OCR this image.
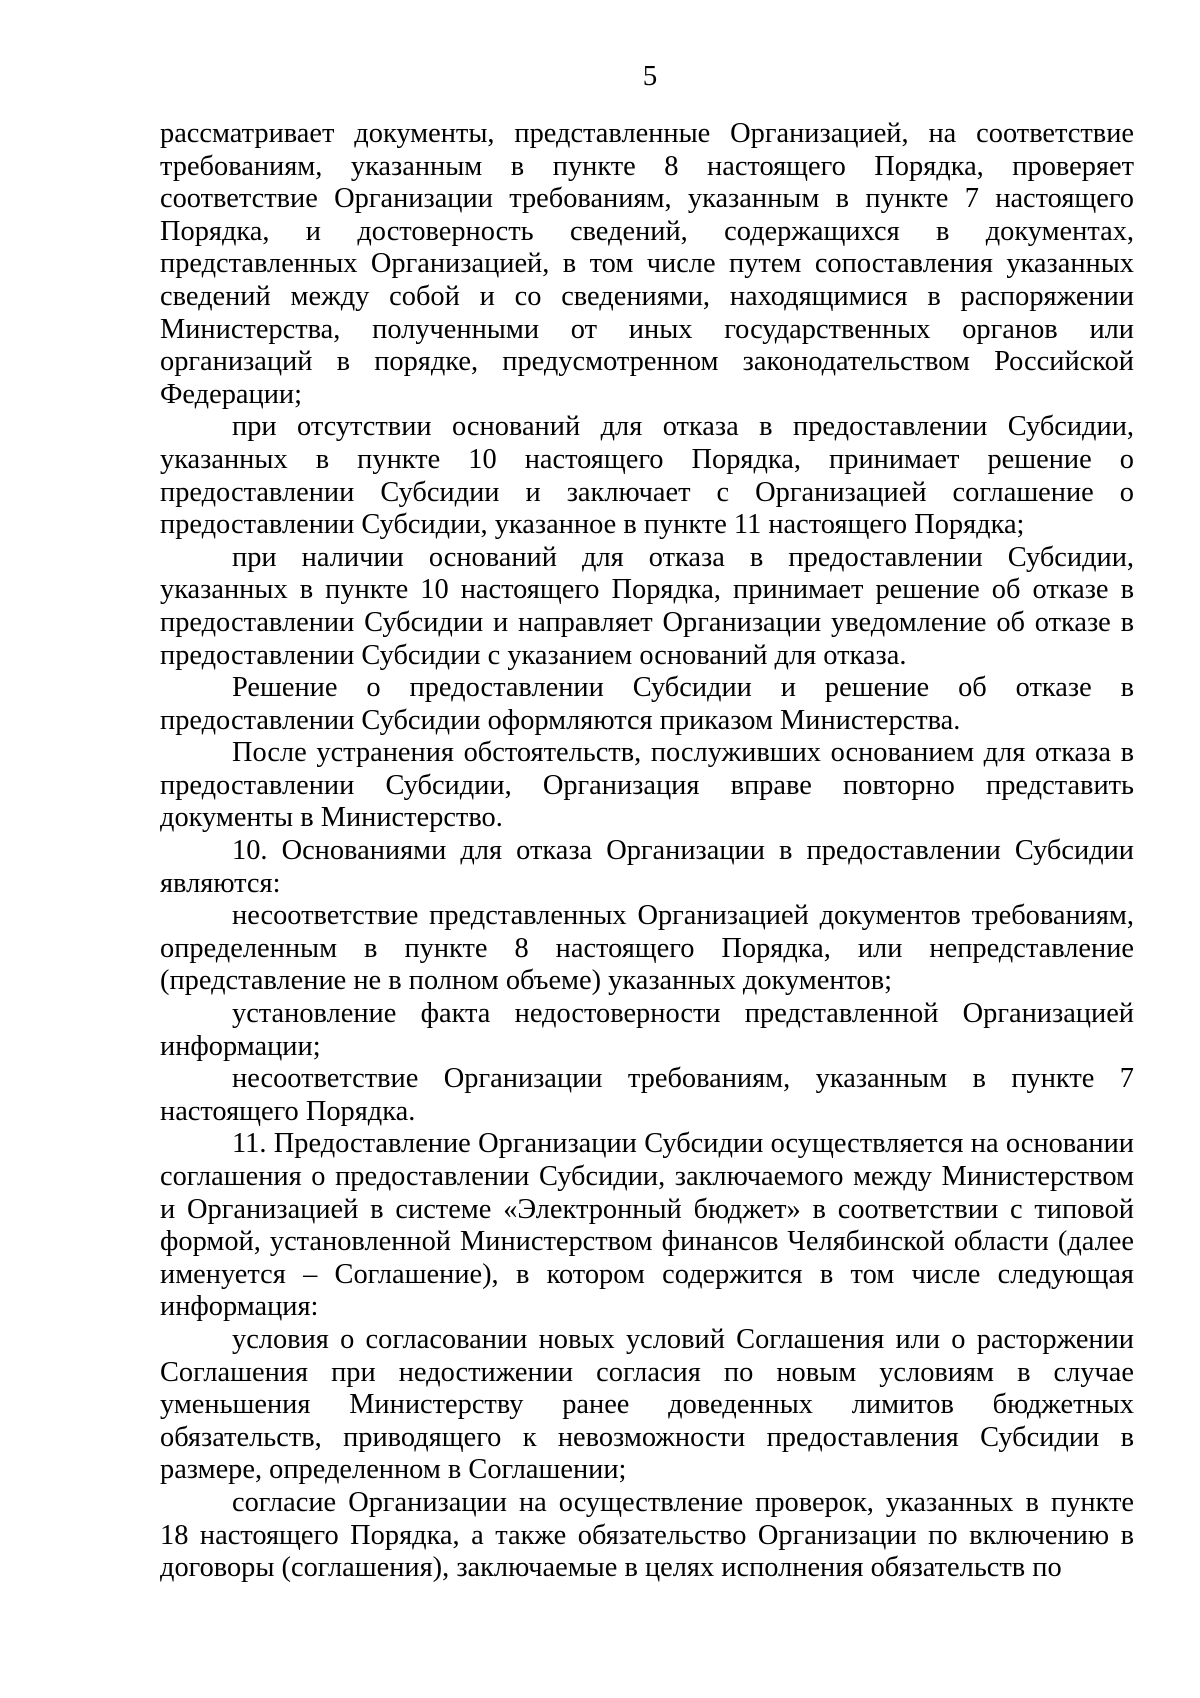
5

рассматривает документы, представленные Организацией, на соответствие требованиям, указанным в пункте 8 настоящего Порядка, проверяет соответствие Организации требованиям, указанным в пункте 7 настоящего Порядка, и достоверность сведений, содержащихся в документах, представленных Организацией, в том числе путем сопоставления указанных сведений между собой и со сведениями, находящимися в распоряжении Министерства, полученными от иных государственных органов или организаций в порядке, предусмотренном законодательством Российской Федерации;

при отсутствии оснований для отказа в предоставлении Субсидии, указанных в пункте 10 настоящего Порядка, принимает решение о предоставлении Субсидии и заключает с Организацией соглашение о предоставлении Субсидии, указанное в пункте 11 настоящего Порядка;

при наличии оснований для отказа в предоставлении Субсидии, указанных в пункте 10 настоящего Порядка, принимает решение об отказе в предоставлении Субсидии и направляет Организации уведомление об отказе в предоставлении Субсидии с указанием оснований для отказа.

Решение о предоставлении Субсидии и решение об отказе в предоставлении Субсидии оформляются приказом Министерства.

После устранения обстоятельств, послуживших основанием для отказа в предоставлении Субсидии, Организация вправе повторно представить документы в Министерство.

10. Основаниями для отказа Организации в предоставлении Субсидии являются:

несоответствие представленных Организацией документов требованиям, определенным в пункте 8 настоящего Порядка, или непредставление (представление не в полном объеме) указанных документов;

установление факта недостоверности представленной Организацией информации;

несоответствие Организации требованиям, указанным в пункте 7 настоящего Порядка.

11. Предоставление Организации Субсидии осуществляется на основании соглашения о предоставлении Субсидии, заключаемого между Министерством и Организацией в системе «Электронный бюджет» в соответствии с типовой формой, установленной Министерством финансов Челябинской области (далее именуется – Соглашение), в котором содержится в том числе следующая информация:

условия о согласовании новых условий Соглашения или о расторжении Соглашения при недостижении согласия по новым условиям в случае уменьшения Министерству ранее доведенных лимитов бюджетных обязательств, приводящего к невозможности предоставления Субсидии в размере, определенном в Соглашении;

согласие Организации на осуществление проверок, указанных в пункте 18 настоящего Порядка, а также обязательство Организации по включению в договоры (соглашения), заключаемые в целях исполнения обязательств по
